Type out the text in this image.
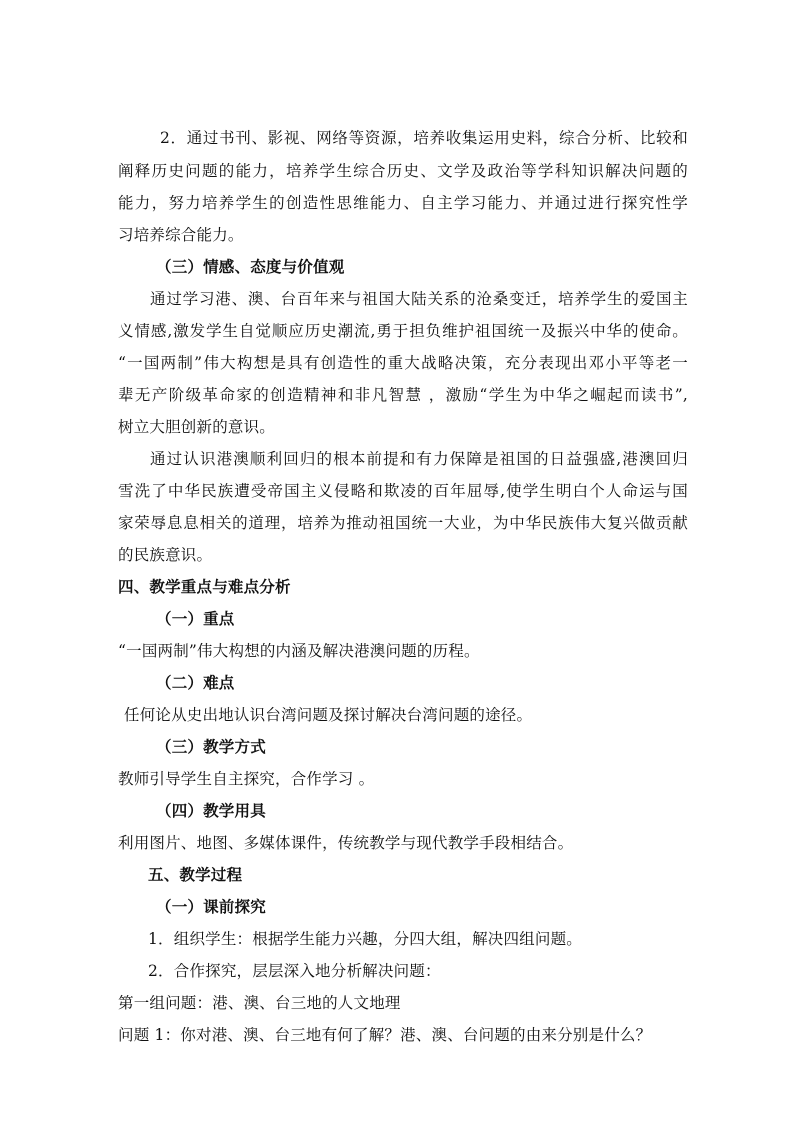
2．通过书刊、影视、网络等资源，培养收集运用史料，综合分析、比较和
阐释历史问题的能力，培养学生综合历史、文学及政治等学科知识解决问题的
能力，努力培养学生的创造性思维能力、自主学习能力、并通过进行探究性学
习培养综合能力。
（三）情感、态度与价值观
通过学习港、澳、台百年来与祖国大陆关系的沧桑变迁，培养学生的爱国主
义情感,激发学生自觉顺应历史潮流,勇于担负维护祖国统一及振兴中华的使命。
“一国两制”伟大构想是具有创造性的重大战略决策，充分表现出邓小平等老一
辈无产阶级革命家的创造精神和非凡智慧 ，激励“学生为中华之崛起而读书”,
树立大胆创新的意识。
通过认识港澳顺利回归的根本前提和有力保障是祖国的日益强盛,港澳回归
雪洗了中华民族遭受帝国主义侵略和欺凌的百年屈辱,使学生明白个人命运与国
家荣辱息息相关的道理，培养为推动祖国统一大业，为中华民族伟大复兴做贡献
的民族意识。
四、教学重点与难点分析
（一）重点
“一国两制”伟大构想的内涵及解决港澳问题的历程。
（二）难点
任何论从史出地认识台湾问题及探讨解决台湾问题的途径。
（三）教学方式
教师引导学生自主探究，合作学习 。
（四）教学用具
利用图片、地图、多媒体课件，传统教学与现代教学手段相结合。
五、教学过程
（一）课前探究
1．组织学生：根据学生能力兴趣，分四大组，解决四组问题。
2．合作探究，层层深入地分析解决问题：
第一组问题：港、澳、台三地的人文地理
问题 1：你对港、澳、台三地有何了解？港、澳、台问题的由来分别是什么？
